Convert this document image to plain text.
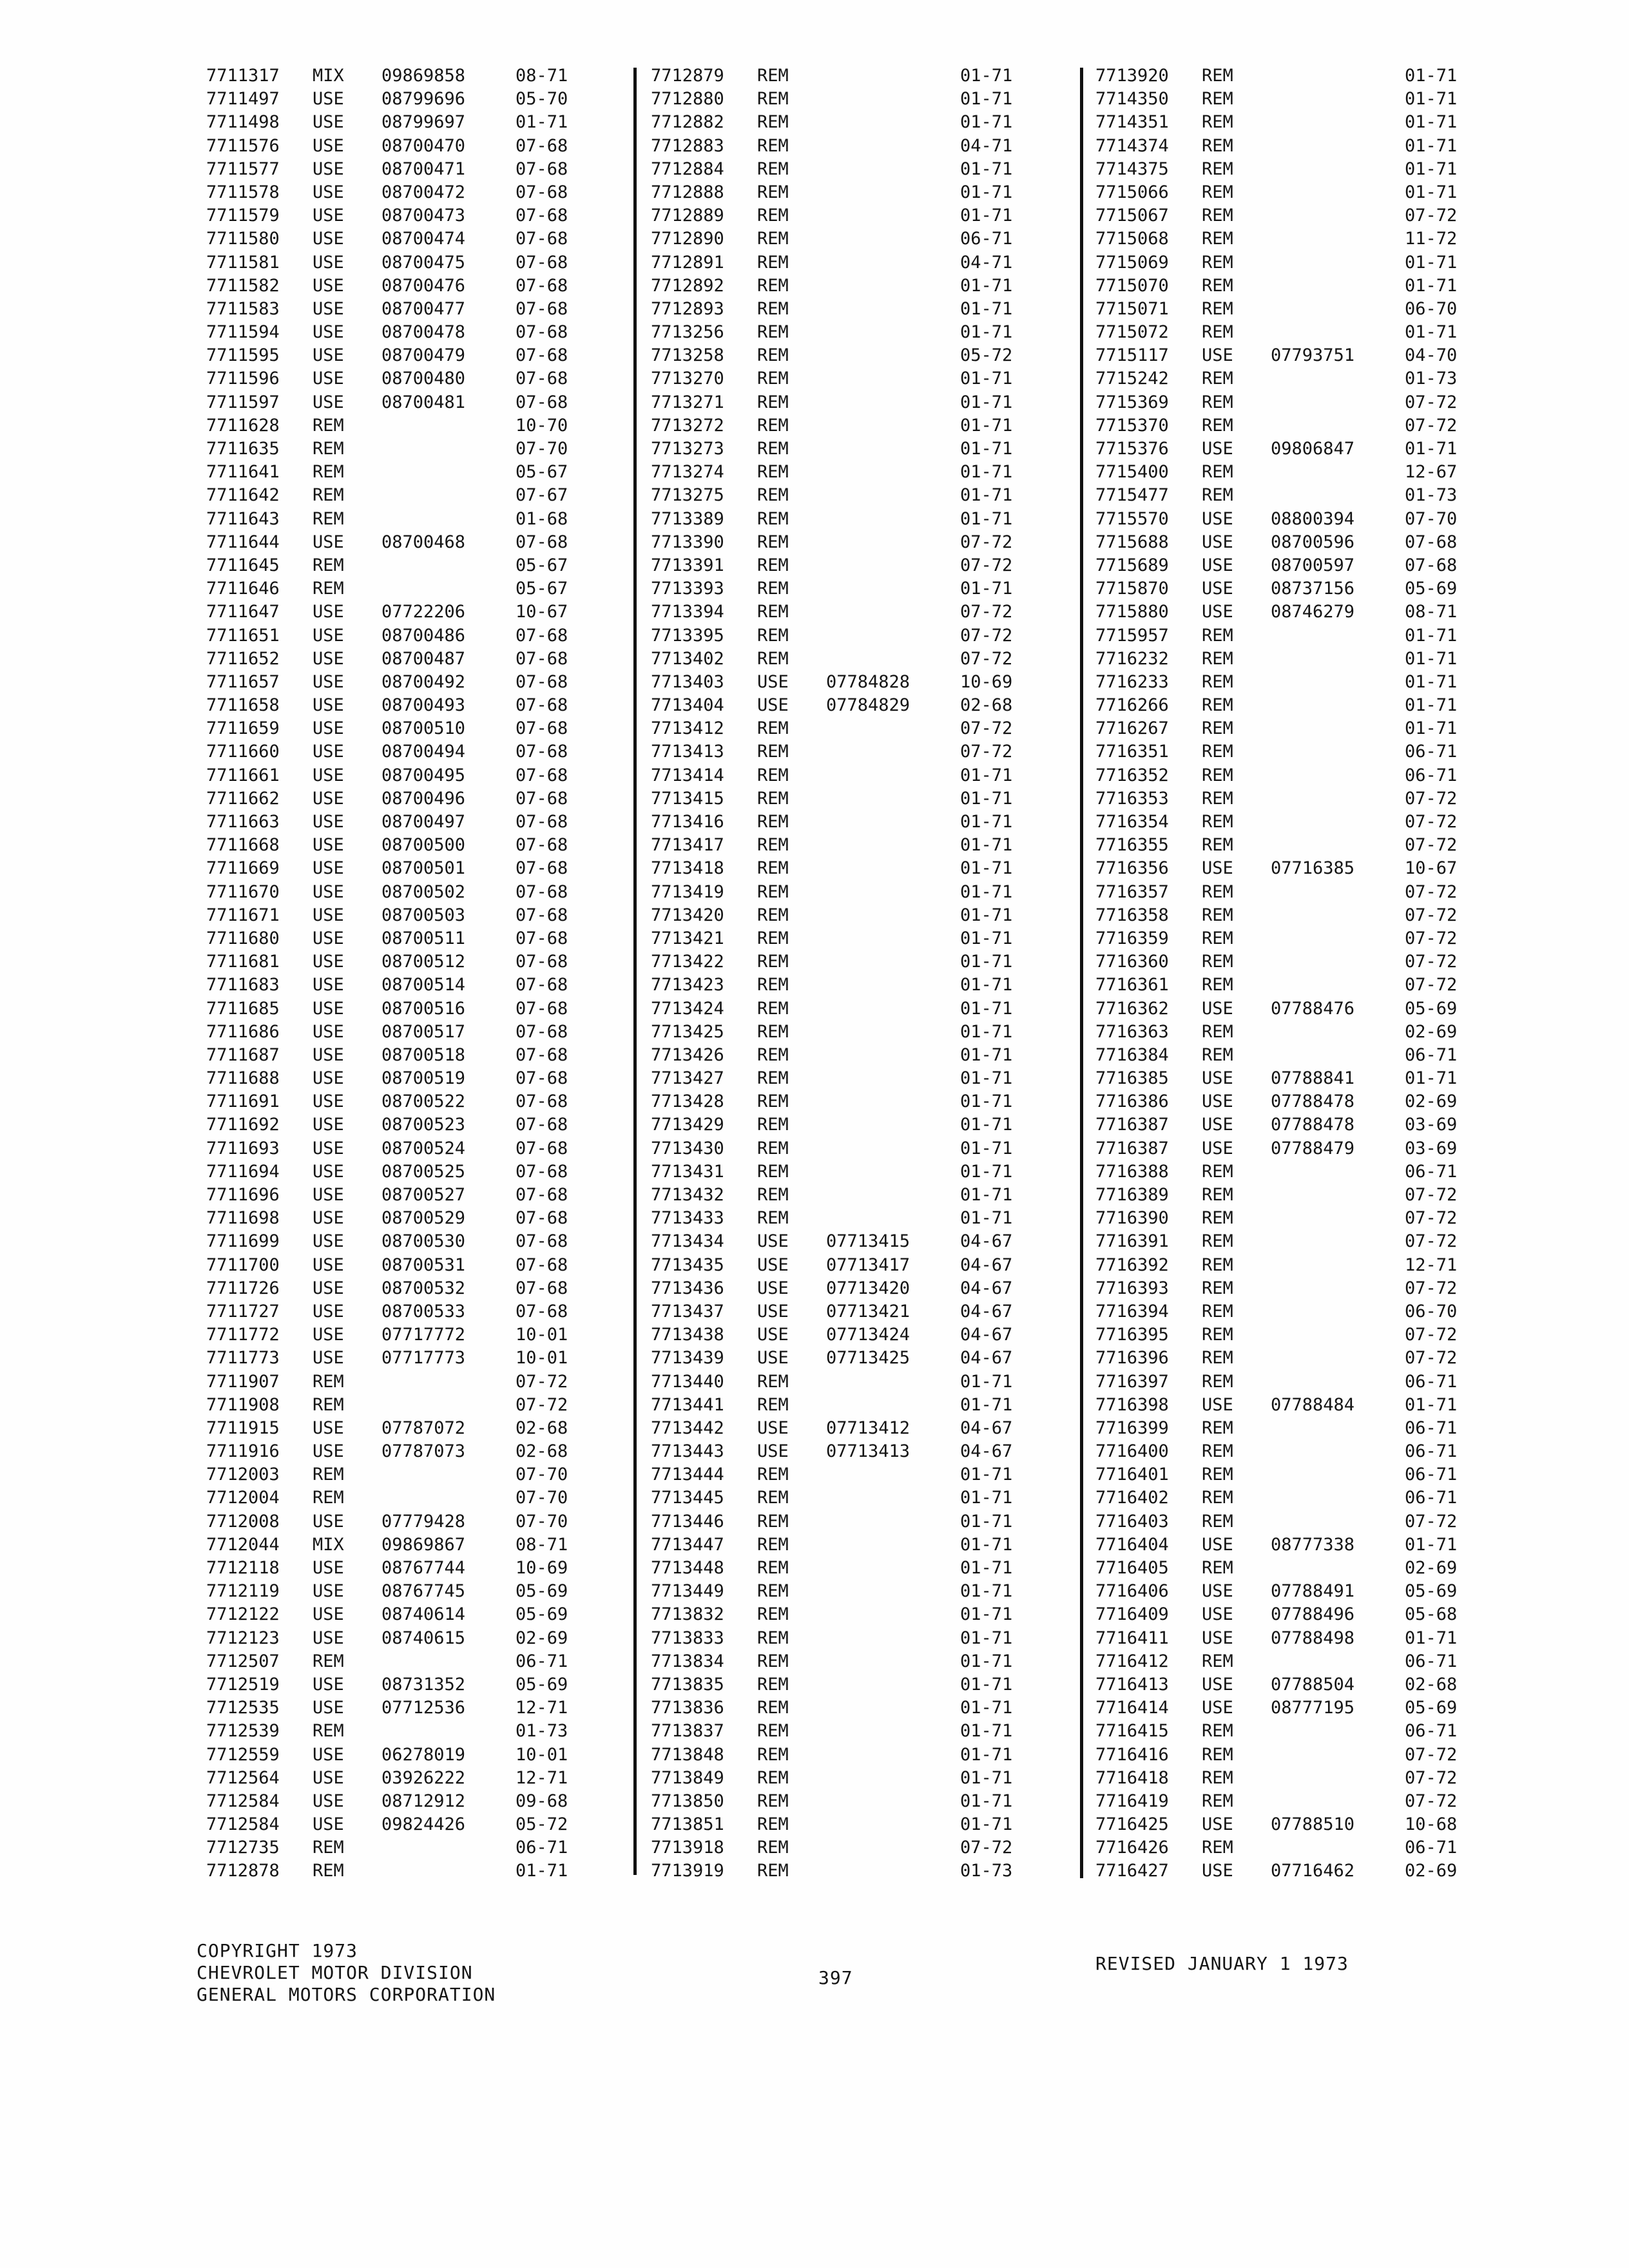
7711317 MIX 09869858	08-71
7711497 USE 08799696	05-70
7711498 USE 08799697	01-71
7711576 USE 08700470	07-68
7711577 USE 08700471	07-68
7711578 USE 08700472	07-68
7711579 USE 08700473	07-68
7711580 USE 08700474	07-68
7711581 USE 08700475	07-68
7711582 USE 08700476	07-68
7711583 USE 08700477	07-68
7711594 USE 08700478	07-68
7711595 USE 08700479	07-68
7711596 USE 08700480	07-68
7711597 USE 08700481	07-68
7711628 REM	10-70
7711635 REM	07-70
7711641 REM	05-67
7711642 REM	07-67
7711643 REM	01-68
7711644 USE 08700468	07-68
7711645 REM	05-67
7711646 REM	05-67
7711647 USE 07722206	10-67
7711651 USE 08700486	07-68
7711652 USE 08700487	07-68
7711657 USE 08700492	07-68
7711658 USE 08700493	07-68
7711659 USE 08700510	07-68
7711660 USE 08700494	07-68
7711661 USE 08700495	07-68
7711662 USE 08700496	07-68
7711663 USE 08700497	07-68
7711668 USE 08700500	07-68
7711669 USE 08700501	07-68
7711670 USE 08700502	07-68
7711671 USE 08700503	07-68
7711680 USE 08700511	07-68
7711681 USE 08700512	07-68
7711683 USE 08700514	07-68
7711685 USE 08700516	07-68
7711686 USE 08700517	07-68
7711687 USE 08700518	07-68
7711688 USE 08700519	07-68
7711691 USE 08700522	07-68
7711692 USE 08700523	07-68
7711693 USE 08700524	07-68
7711694 USE 08700525	07-68
7711696 USE 08700527	07-68
7711698 USE 08700529	07-68
7711699 USE 08700530	07-68
7711700 USE 08700531	07-68
7711726 USE 08700532	07-68
7711727 USE 08700533	07-68
7711772 USE 07717772	10-01
7711773 USE 07717773	10-01
7711907 REM	07-72
7711908 REM	07-72
7711915 USE 07787072	02-68
7711916 USE 07787073	02-68
7712003 REM	07-70
7712004 REM	07-70
7712008 USE 07779428	07-70
7712044 MIX 09869867	08-71
7712118 USE 08767744	10-69
7712119 USE 08767745	05-69
7712122 USE 08740614	05-69
7712123 USE 08740615	02-69
7712507 REM	06-71
7712519 USE 08731352	05-69
7712535 USE 07712536	12-71
7712539 REM	01-73
7712559 USE 06278019	10-01
7712564 USE 03926222	12-71
7712584 USE 08712912	09-68
7712584 USE 09824426	05-72
7712735 REM	06-71
7712878 REM	01-71
7712879 REM	01-71
7712880 REM	01-71
7712882 REM	01-71
7712883 REM	04-71
7712884 REM	01-71
7712888 REM	01-71
7712889 REM	01-71
7712890 REM	06-71
7712891 REM	04-71
7712892 REM	01-71
7712893 REM	01-71
7713256 REM	01-71
7713258 REM	05-72
7713270 REM	01-71
7713271 REM	01-71
7713272 REM	01-71
7713273 REM	01-71
7713274 REM	01-71
7713275 REM	01-71
7713389 REM	01-71
7713390 REM	07-72
7713391 REM	07-72
7713393 REM	01-71
7713394 REM	07-72
7713395 REM	07-72
7713402 REM	07-72
7713403 USE 07784828	10-69
7713404 USE 07784829	02-68
7713412 REM	07-72
7713413 REM	07-72
7713414 REM	01-71
7713415 REM	01-71
7713416 REM	01-71
7713417 REM	01-71
7713418 REM	01-71
7713419 REM	01-71
7713420 REM	01-71
7713421 REM	01-71
7713422 REM	01-71
7713423 REM	01-71
7713424 REM	01-71
7713425 REM	01-71
7713426 REM	01-71
7713427 REM	01-71
7713428 REM	01-71
7713429 REM	01-71
7713430 REM	01-71
7713431 REM	01-71
7713432 REM	01-71
7713433 REM	01-71
7713434 USE 07713415	04-67
7713435 USE 07713417	04-67
7713436 USE 07713420	04-67
7713437 USE 07713421	04-67
7713438 USE 07713424	04-67
7713439 USE 07713425	04-67
7713440 REM	01-71
7713441 REM	01-71
7713442 USE 07713412	04-67
7713443 USE 07713413	04-67
7713444 REM	01-71
7713445 REM	01-71
7713446 REM	01-71
7713447 REM	01-71
7713448 REM	01-71
7713449 REM	01-71
7713832 REM	01-71
7713833 REM	01-71
7713834 REM	01-71
7713835 REM	01-71
7713836 REM	01-71
7713837 REM	01-71
7713848 REM	01-71
7713849 REM	01-71
7713850 REM	01-71
7713851 REM	01-71
7713918 REM	07-72
7713919 REM	01-73
7713920 REM	01-71
7714350 REM	01-71
7714351 REM	01-71
7714374 REM	01-71
7714375 REM	01-71
7715066 REM	01-71
7715067 REM	07-72
7715068 REM	11-72
7715069 REM	01-71
7715070 REM	01-71
7715071 REM	06-70
7715072 REM	01-71
7715117 USE 07793751	04-70
7715242 REM	01-73
7715369 REM	07-72
7715370 REM	07-72
7715376 USE 09806847	01-71
7715400 REM	12-67
7715477 REM	01-73
7715570 USE 08800394	07-70
7715688 USE 08700596	07-68
7715689 USE 08700597	07-68
7715870 USE 08737156	05-69
7715880 USE 08746279	08-71
7715957 REM	01-71
7716232 REM	01-71
7716233 REM	01-71
7716266 REM	01-71
7716267 REM	01-71
7716351 REM	06-71
7716352 REM	06-71
7716353 REM	07-72
7716354 REM	07-72
7716355 REM	07-72
7716356 USE 07716385	10-67
7716357 REM	07-72
7716358 REM	07-72
7716359 REM	07-72
7716360 REM	07-72
7716361 REM	07-72
7716362 USE 07788476	05-69
7716363 REM	02-69
7716384 REM	06-71
7716385 USE 07788841	01-71
7716386 USE 07788478	02-69
7716387 USE 07788478	03-69
7716387 USE 07788479	03-69
7716388 REM	06-71
7716389 REM	07-72
7716390 REM	07-72
7716391 REM	07-72
7716392 REM	12-71
7716393 REM	07-72
7716394 REM	06-70
7716395 REM	07-72
7716396 REM	07-72
7716397 REM	06-71
7716398 USE 07788484	01-71
7716399 REM	06-71
7716400 REM	06-71
7716401 REM	06-71
7716402 REM	06-71
7716403 REM	07-72
7716404 USE 08777338	01-71
7716405 REM	02-69
7716406 USE 07788491	05-69
7716409 USE 07788496	05-68
7716411 USE 07788498	01-71
7716412 REM	06-71
7716413 USE 07788504	02-68
7716414 USE 08777195	05-69
7716415 REM	06-71
7716416 REM	07-72
7716418 REM	07-72
7716419 REM	07-72
7716425 USE 07788510	10-68
7716426 REM	06-71
7716427 USE 07716462	02-69
COPYRIGHT 1973
CHEVROLET MOTOR DIVISION
GENERAL MOTORS CORPORATION
397
REVISED JANUARY 1 1973
